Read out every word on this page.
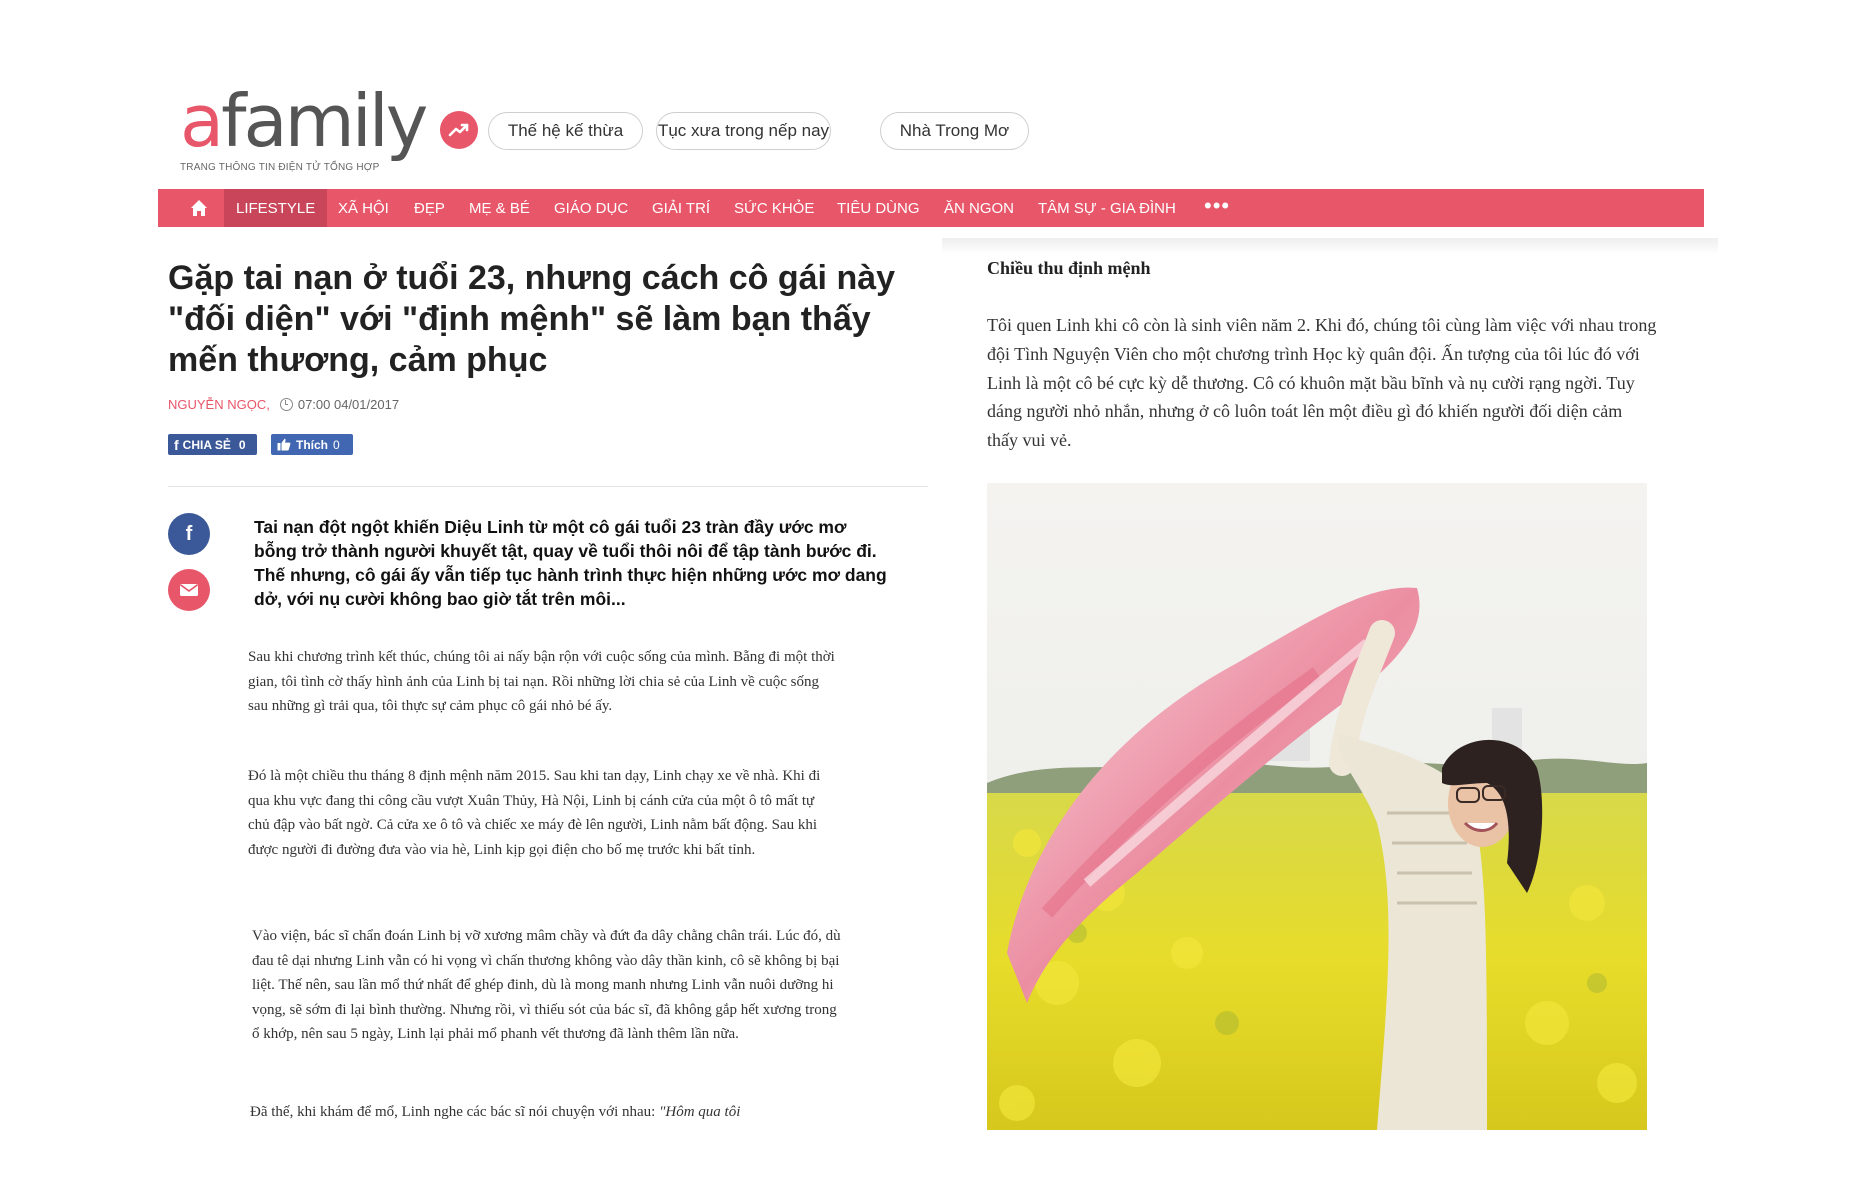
afamily
TRANG THÔNG TIN ĐIỆN TỬ TỔNG HỢP
Thế hệ kế thừa	Tục xưa trong nếp nay	Nhà Trong Mơ
LIFESTYLE	XÃ HỘI ĐẸP MẸ & BÉ GIÁO DỤC GIẢI TRÍ SỨC KHỎE TIÊU DÙNG ĂN NGON TÂM SỰ - GIA ĐÌNH •••
Gặp tai nạn ở tuổi 23, nhưng cách cô gái này "đối diện" với "định mệnh" sẽ làm bạn thấy mến thương, cảm phục
NGUYỄN NGỌC, 07:00 04/01/2017
f CHIA SẺ 0	Thích 0
f	Tai nạn đột ngột khiến Diệu Linh từ một cô gái tuổi 23 tràn đầy ước mơ bỗng trở thành người khuyết tật, quay về tuổi thôi nôi để tập tành bước đi. Thế nhưng, cô gái ấy vẫn tiếp tục hành trình thực hiện những ước mơ dang dở, với nụ cười không bao giờ tắt trên môi...

Sau khi chương trình kết thúc, chúng tôi ai nấy bận rộn với cuộc sống của mình. Bẵng đi một thời gian, tôi tình cờ thấy hình ảnh của Linh bị tai nạn. Rồi những lời chia sẻ của Linh về cuộc sống sau những gì trải qua, tôi thực sự cảm phục cô gái nhỏ bé ấy.

Đó là một chiều thu tháng 8 định mệnh năm 2015. Sau khi tan dạy, Linh chạy xe về nhà. Khi đi qua khu vực đang thi công cầu vượt Xuân Thủy, Hà Nội, Linh bị cánh cửa của một ô tô mất tự chủ đập vào bất ngờ. Cả cửa xe ô tô và chiếc xe máy đè lên người, Linh nằm bất động. Sau khi được người đi đường đưa vào via hè, Linh kịp gọi điện cho bố mẹ trước khi bất tỉnh.

Vào viện, bác sĩ chẩn đoán Linh bị vỡ xương mâm chầy và đứt đa dây chằng chân trái. Lúc đó, dù đau tê dại nhưng Linh vẫn có hi vọng vì chấn thương không vào dây thần kinh, cô sẽ không bị bại liệt. Thế nên, sau lần mổ thứ nhất để ghép đinh, dù là mong manh nhưng Linh vẫn nuôi dưỡng hi vọng, sẽ sớm đi lại bình thường. Nhưng rồi, vì thiếu sót của bác sĩ, đã không gắp hết xương trong ổ khớp, nên sau 5 ngày, Linh lại phải mổ phanh vết thương đã lành thêm lần nữa.

Đã thế, khi khám để mổ, Linh nghe các bác sĩ nói chuyện với nhau: "Hôm qua tôi

Chiều thu định mệnh

Tôi quen Linh khi cô còn là sinh viên năm 2. Khi đó, chúng tôi cùng làm việc với nhau trong đội Tình Nguyện Viên cho một chương trình Học kỳ quân đội. Ấn tượng của tôi lúc đó với Linh là một cô bé cực kỳ dễ thương. Cô có khuôn mặt bầu bĩnh và nụ cười rạng ngời. Tuy dáng người nhỏ nhắn, nhưng ở cô luôn toát lên một điều gì đó khiến người đối diện cảm thấy vui vẻ.
